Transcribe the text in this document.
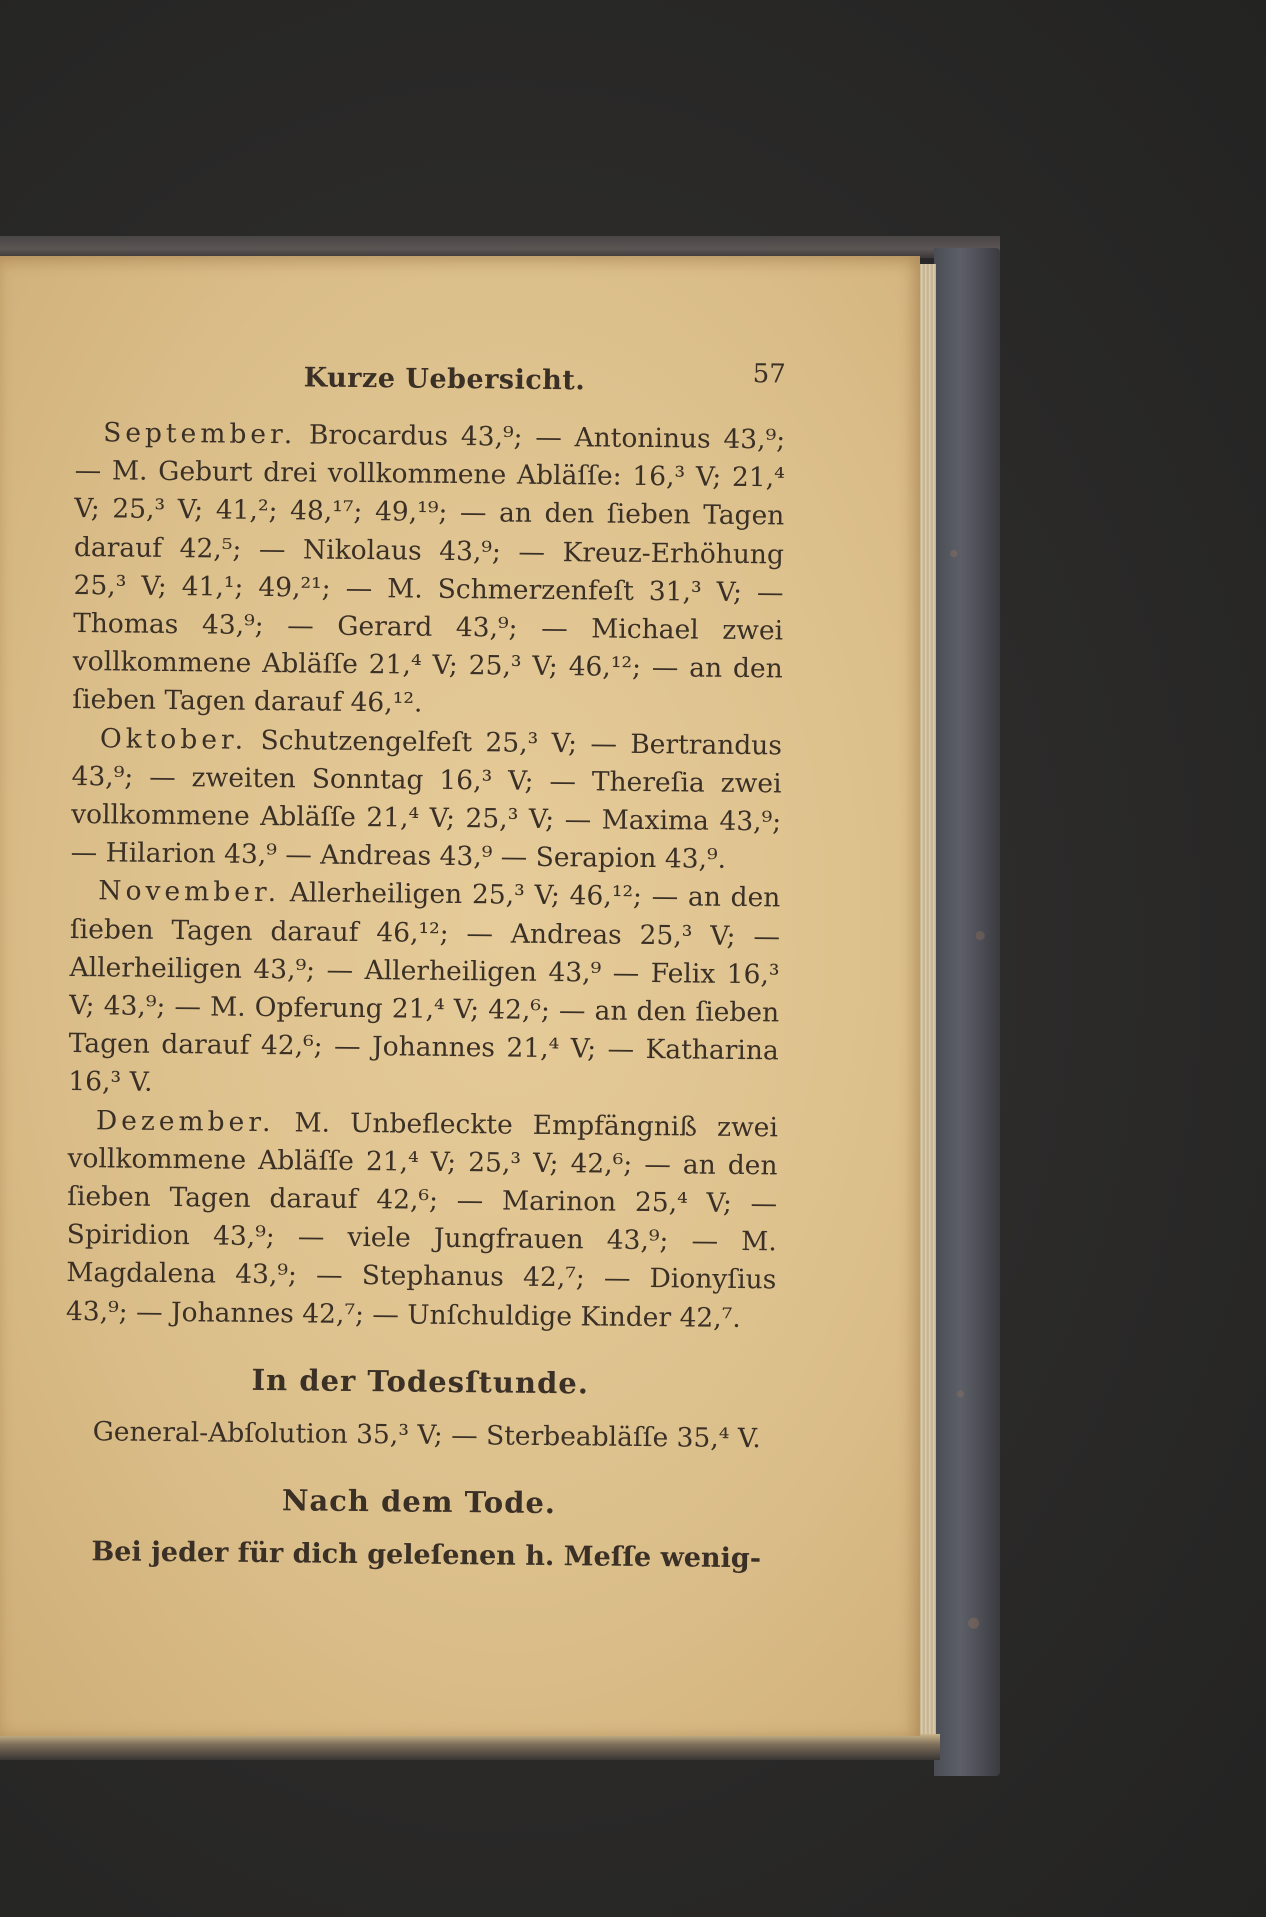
Kurze Uebersicht.	57

September. Brocardus 43,⁹; — Antoninus 43,⁹; — M. Geburt drei vollkommene Abläſſe: 16,³ V; 21,⁴ V; 25,³ V; 41,²; 48,¹⁷; 49,¹⁹; — an den ſieben Tagen darauf 42,⁵; — Nikolaus 43,⁹; — Kreuz-Erhöhung 25,³ V; 41,¹; 49,²¹; — M. Schmerzenfeſt 31,³ V; — Thomas 43,⁹; — Gerard 43,⁹; — Michael zwei vollkommene Abläſſe 21,⁴ V; 25,³ V; 46,¹²; — an den ſieben Tagen darauf 46,¹².

Oktober. Schutzengelfeſt 25,³ V; — Bertrandus 43,⁹; — zweiten Sonntag 16,³ V; — Thereſia zwei vollkommene Abläſſe 21,⁴ V; 25,³ V; — Maxima 43,⁹; — Hilarion 43,⁹ — Andreas 43,⁹ — Serapion 43,⁹.

November. Allerheiligen 25,³ V; 46,¹²; — an den ſieben Tagen darauf 46,¹²; — Andreas 25,³ V; — Allerheiligen 43,⁹; — Allerheiligen 43,⁹ — Felix 16,³ V; 43,⁹; — M. Opferung 21,⁴ V; 42,⁶; — an den ſieben Tagen darauf 42,⁶; — Johannes 21,⁴ V; — Katharina 16,³ V.

Dezember. M. Unbefleckte Empfängniß zwei vollkommene Abläſſe 21,⁴ V; 25,³ V; 42,⁶; — an den ſieben Tagen darauf 42,⁶; — Marinon 25,⁴ V; — Spiridion 43,⁹; — viele Jungfrauen 43,⁹; — M. Magdalena 43,⁹; — Stephanus 42,⁷; — Dionyſius 43,⁹; — Johannes 42,⁷; — Unſchuldige Kinder 42,⁷.

In der Todesſtunde.

General-Abſolution 35,³ V; — Sterbeabläſſe 35,⁴ V.

Nach dem Tode.

Bei jeder für dich geleſenen h. Meſſe wenig-
